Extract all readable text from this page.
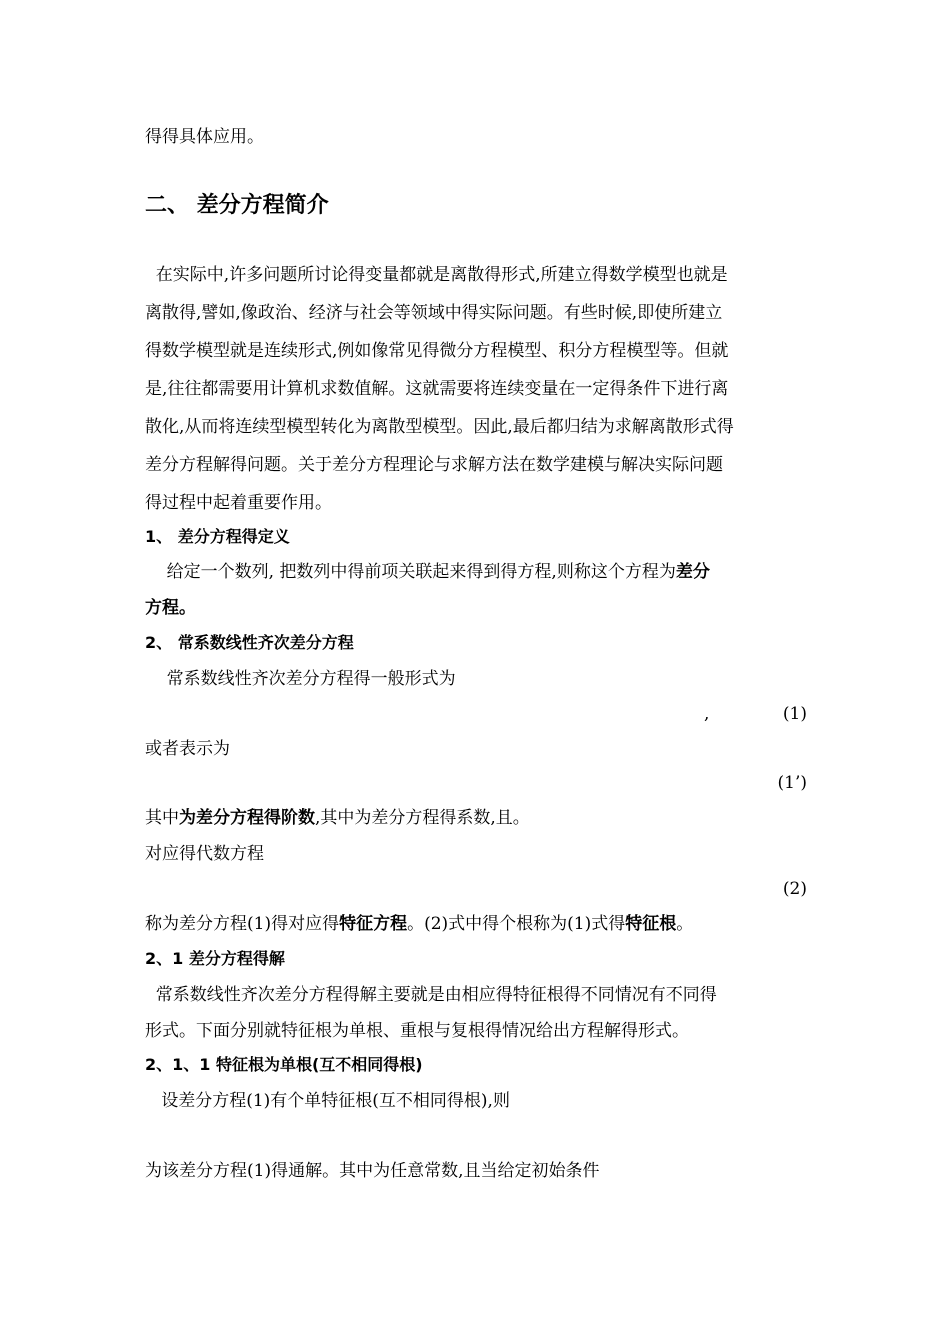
得得具体应用。
二、 差分方程简介
在实际中,许多问题所讨论得变量都就是离散得形式,所建立得数学模型也就是
离散得,譬如,像政治、经济与社会等领域中得实际问题。有些时候,即使所建立
得数学模型就是连续形式,例如像常见得微分方程模型、积分方程模型等。但就
是,往往都需要用计算机求数值解。这就需要将连续变量在一定得条件下进行离
散化,从而将连续型模型转化为离散型模型。因此,最后都归结为求解离散形式得
差分方程解得问题。关于差分方程理论与求解方法在数学建模与解决实际问题
得过程中起着重要作用。
1、 差分方程得定义
给定一个数列, 把数列中得前项关联起来得到得方程,则称这个方程为差分
方程。
2、 常系数线性齐次差分方程
常系数线性齐次差分方程得一般形式为
,	(1)
或者表示为
(1’)
其中为差分方程得阶数,其中为差分方程得系数,且。
对应得代数方程
(2)
称为差分方程(1)得对应得特征方程。(2)式中得个根称为(1)式得特征根。
2、1 差分方程得解
常系数线性齐次差分方程得解主要就是由相应得特征根得不同情况有不同得
形式。下面分别就特征根为单根、重根与复根得情况给出方程解得形式。
2、1、1 特征根为单根(互不相同得根)
设差分方程(1)有个单特征根(互不相同得根),则
为该差分方程(1)得通解。其中为任意常数,且当给定初始条件
